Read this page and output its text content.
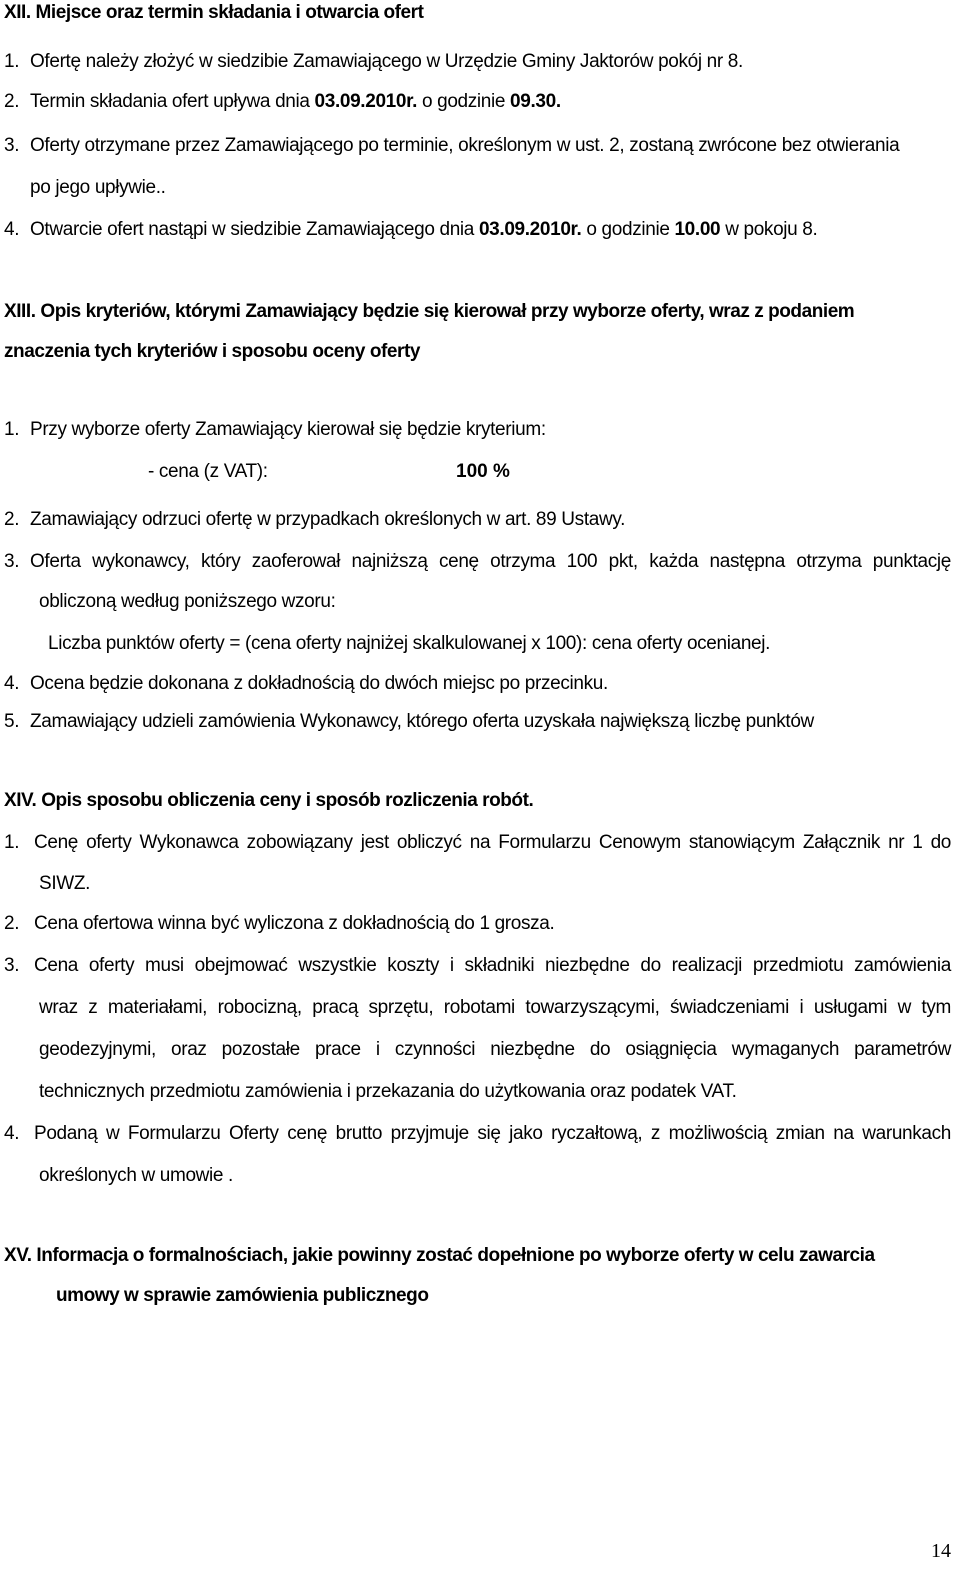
XII. Miejsce oraz termin składania i otwarcia ofert
1. Ofertę należy złożyć w siedzibie Zamawiającego w Urzędzie Gminy Jaktorów pokój nr 8.
2. Termin składania ofert upływa dnia 03.09.2010r. o godzinie 09.30.
3. Oferty otrzymane przez Zamawiającego po terminie, określonym w ust. 2, zostaną zwrócone bez otwierania
po jego upływie..
4. Otwarcie ofert nastąpi w siedzibie Zamawiającego dnia 03.09.2010r. o godzinie 10.00 w pokoju 8.
XIII. Opis kryteriów, którymi Zamawiający będzie się kierował przy wyborze oferty, wraz z podaniem
znaczenia tych kryteriów i sposobu oceny oferty
1. Przy wyborze oferty Zamawiający kierował się będzie kryterium:
- cena (z VAT):	100 %
2. Zamawiający odrzuci ofertę w przypadkach określonych w art. 89 Ustawy.
3. Oferta wykonawcy, który zaoferował najniższą cenę otrzyma 100 pkt, każda następna otrzyma punktację
obliczoną według poniższego wzoru:
Liczba punktów oferty = (cena oferty najniżej skalkulowanej x 100): cena oferty ocenianej.
4. Ocena będzie dokonana z dokładnością do dwóch miejsc po przecinku.
5. Zamawiający udzieli zamówienia Wykonawcy, którego oferta uzyskała największą liczbę punktów
XIV. Opis sposobu obliczenia ceny i sposób rozliczenia robót.
1. Cenę oferty Wykonawca zobowiązany jest obliczyć na Formularzu Cenowym stanowiącym Załącznik nr 1 do
SIWZ.
2. Cena ofertowa winna być wyliczona z dokładnością do 1 grosza.
3. Cena oferty musi obejmować wszystkie koszty i składniki niezbędne do realizacji przedmiotu zamówienia
wraz z materiałami, robocizną, pracą sprzętu, robotami towarzyszącymi, świadczeniami i usługami w tym
geodezyjnymi, oraz pozostałe prace i czynności niezbędne do osiągnięcia wymaganych parametrów
technicznych przedmiotu zamówienia i przekazania do użytkowania oraz podatek VAT.
4. Podaną w Formularzu Oferty cenę brutto przyjmuje się jako ryczałtową, z możliwością zmian na warunkach
określonych w umowie .
XV. Informacja o formalnościach, jakie powinny zostać dopełnione po wyborze oferty w celu zawarcia
umowy w sprawie zamówienia publicznego
14
